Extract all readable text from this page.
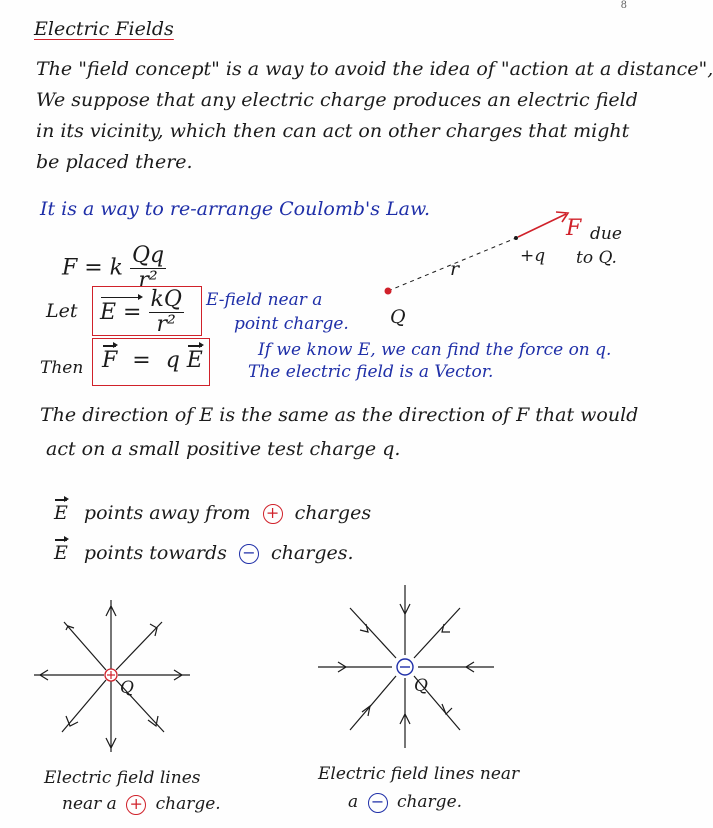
8
Electric Fields
The "field concept" is a way to avoid the idea of "action at a distance",
We suppose that any electric charge produces an electric field
in its vicinity, which then can act on other charges that might
be placed there.
It is a way to re-arrange Coulomb's Law.
F = k $\frac{Qq}{\text{r²}}$
Let $E = \frac{kQ}{\text{r²}}$ E-field near a
point charge.
Then F = q E	If we know E, we can find the force on q.
The electric field is a Vector.
The direction of E is the same as the direction of F that would
act on a small positive test charge q.
E points away from + charges
E points towards − charges.
F due
to Q.
+q
r
Q
Q	Q
Electric field lines
near a + charge.
Electric field lines near
a − charge.
